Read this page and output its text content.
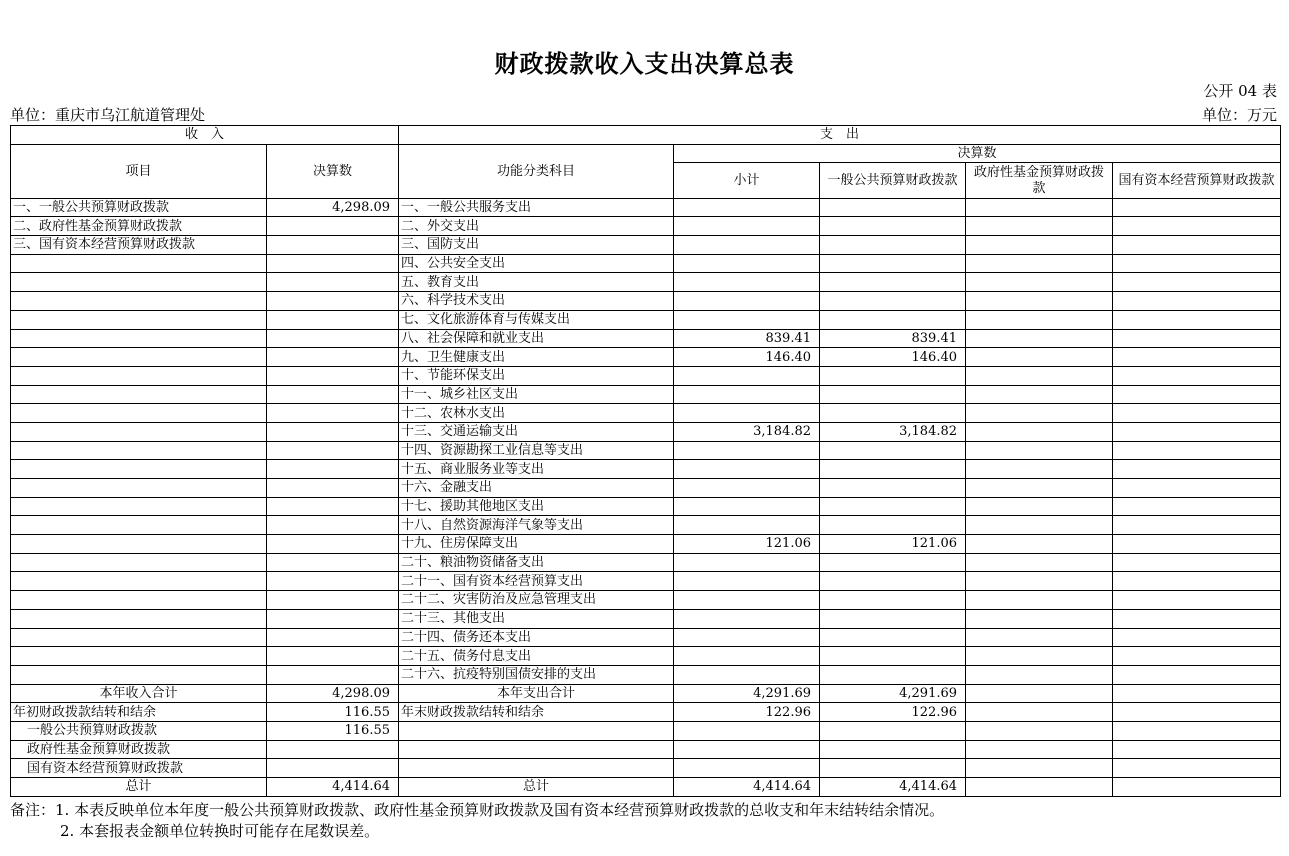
财政拨款收入支出决算总表
公开 04 表
单位：重庆市乌江航道管理处	单位：万元
收　入		支　出				
项目	决算数	功能分类科目	决算数			
			小计	一般公共预算财政拨款	政府性基金预算财政拨款	国有资本经营预算财政拨款

一、一般公共预算财政拨款	4,298.09	一、一般公共服务支出				
二、政府性基金预算财政拨款		二、外交支出				
三、国有资本经营预算财政拨款		三、国防支出				
		四、公共安全支出				
		五、教育支出				
		六、科学技术支出				
		七、文化旅游体育与传媒支出				
		八、社会保障和就业支出	839.41	839.41		
		九、卫生健康支出	146.40	146.40		
		十、节能环保支出				
		十一、城乡社区支出				
		十二、农林水支出				
		十三、交通运输支出	3,184.82	3,184.82		
		十四、资源勘探工业信息等支出				
		十五、商业服务业等支出				
		十六、金融支出				
		十七、援助其他地区支出				
		十八、自然资源海洋气象等支出				
		十九、住房保障支出	121.06	121.06		
		二十、粮油物资储备支出				
		二十一、国有资本经营预算支出				
		二十二、灾害防治及应急管理支出				
		二十三、其他支出				
		二十四、债务还本支出				
		二十五、债务付息支出				
		二十六、抗疫特别国债安排的支出				
本年收入合计	4,298.09	本年支出合计	4,291.69	4,291.69		
年初财政拨款结转和结余	116.55	年末财政拨款结转和结余	122.96	122.96		
一般公共预算财政拨款	116.55					
政府性基金预算财政拨款						
国有资本经营预算财政拨款						
总计	4,414.64	总计	4,414.64	4,414.64		
备注：1. 本表反映单位本年度一般公共预算财政拨款、政府性基金预算财政拨款及国有资本经营预算财政拨款的总收支和年末结转结余情况。
2. 本套报表金额单位转换时可能存在尾数误差。
